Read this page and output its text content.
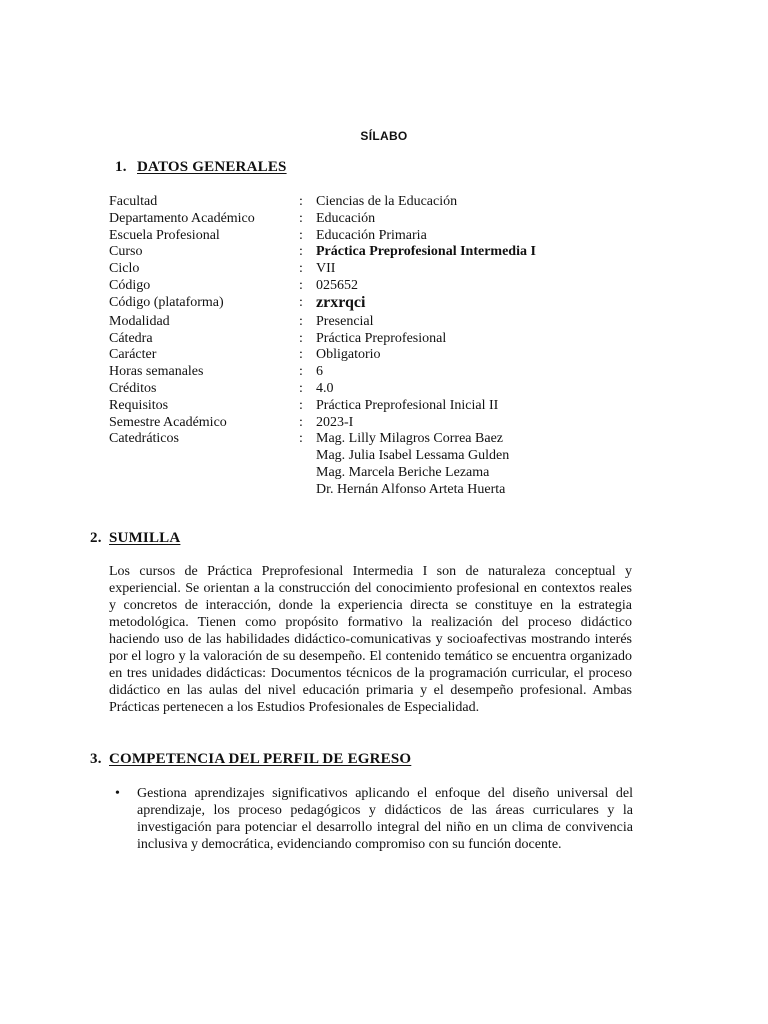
SÍLABO
1. DATOS GENERALES
Facultad	: Ciencias de la Educación
Departamento Académico	: Educación
Escuela Profesional	: Educación Primaria
Curso	: Práctica Preprofesional Intermedia I
Ciclo	: VII
Código	: 025652
Código (plataforma)	: zrxrqci
Modalidad	: Presencial
Cátedra	: Práctica Preprofesional
Carácter	: Obligatorio
Horas semanales	: 6
Créditos	: 4.0
Requisitos	: Práctica Preprofesional Inicial II
Semestre Académico	: 2023-I
Catedráticos	: Mag. Lilly Milagros Correa Baez
Mag. Julia Isabel Lessama Gulden
Mag. Marcela Beriche Lezama
Dr. Hernán Alfonso Arteta Huerta
2. SUMILLA
Los cursos de Práctica Preprofesional Intermedia I son de naturaleza conceptual y experiencial. Se orientan a la construcción del conocimiento profesional en contextos reales y concretos de interacción, donde la experiencia directa se constituye en la estrategia metodológica. Tienen como propósito formativo la realización del proceso didáctico haciendo uso de las habilidades didáctico-comunicativas y socioafectivas mostrando interés por el logro y la valoración de su desempeño. El contenido temático se encuentra organizado en tres unidades didácticas: Documentos técnicos de la programación curricular, el proceso didáctico en las aulas del nivel educación primaria y el desempeño profesional. Ambas Prácticas pertenecen a los Estudios Profesionales de Especialidad.
3. COMPETENCIA DEL PERFIL DE EGRESO
•	Gestiona aprendizajes significativos aplicando el enfoque del diseño universal del aprendizaje, los proceso pedagógicos y didácticos de las áreas curriculares y la investigación para potenciar el desarrollo integral del niño en un clima de convivencia inclusiva y democrática, evidenciando compromiso con su función docente.
